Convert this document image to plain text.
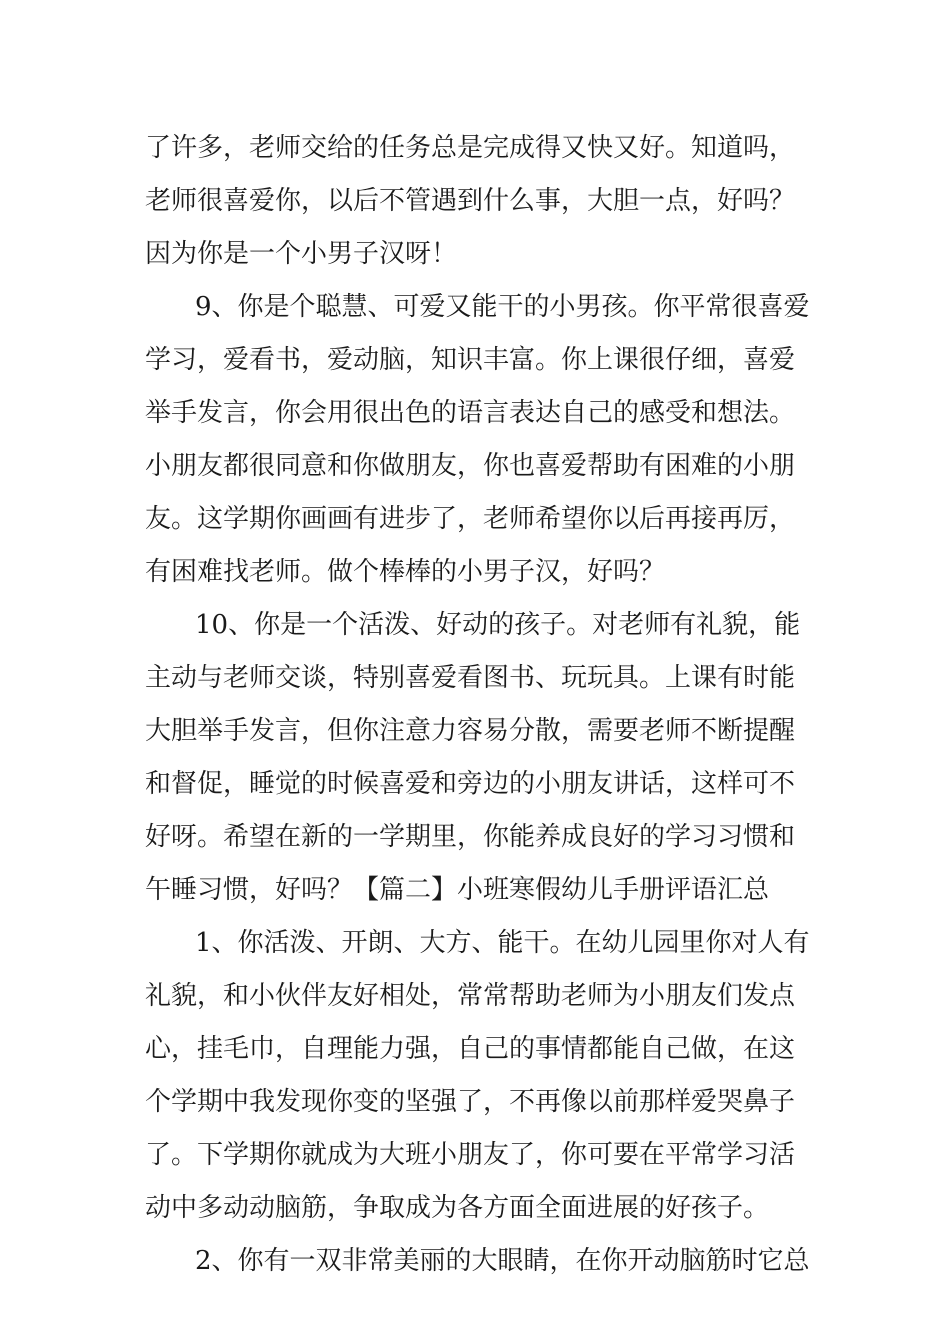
了许多，老师交给的任务总是完成得又快又好。知道吗，
老师很喜爱你，以后不管遇到什么事，大胆一点，好吗？
因为你是一个小男子汉呀！
9、你是个聪慧、可爱又能干的小男孩。你平常很喜爱
学习，爱看书，爱动脑，知识丰富。你上课很仔细，喜爱
举手发言，你会用很出色的语言表达自己的感受和想法。
小朋友都很同意和你做朋友，你也喜爱帮助有困难的小朋
友。这学期你画画有进步了，老师希望你以后再接再厉，
有困难找老师。做个棒棒的小男子汉，好吗？
10、你是一个活泼、好动的孩子。对老师有礼貌，能
主动与老师交谈，特别喜爱看图书、玩玩具。上课有时能
大胆举手发言，但你注意力容易分散，需要老师不断提醒
和督促，睡觉的时候喜爱和旁边的小朋友讲话，这样可不
好呀。希望在新的一学期里，你能养成良好的学习习惯和
午睡习惯，好吗？【篇二】小班寒假幼儿手册评语汇总
1、你活泼、开朗、大方、能干。在幼儿园里你对人有
礼貌，和小伙伴友好相处，常常帮助老师为小朋友们发点
心，挂毛巾，自理能力强，自己的事情都能自己做，在这
个学期中我发现你变的坚强了，不再像以前那样爱哭鼻子
了。下学期你就成为大班小朋友了，你可要在平常学习活
动中多动动脑筋，争取成为各方面全面进展的好孩子。
2、你有一双非常美丽的大眼睛，在你开动脑筋时它总
